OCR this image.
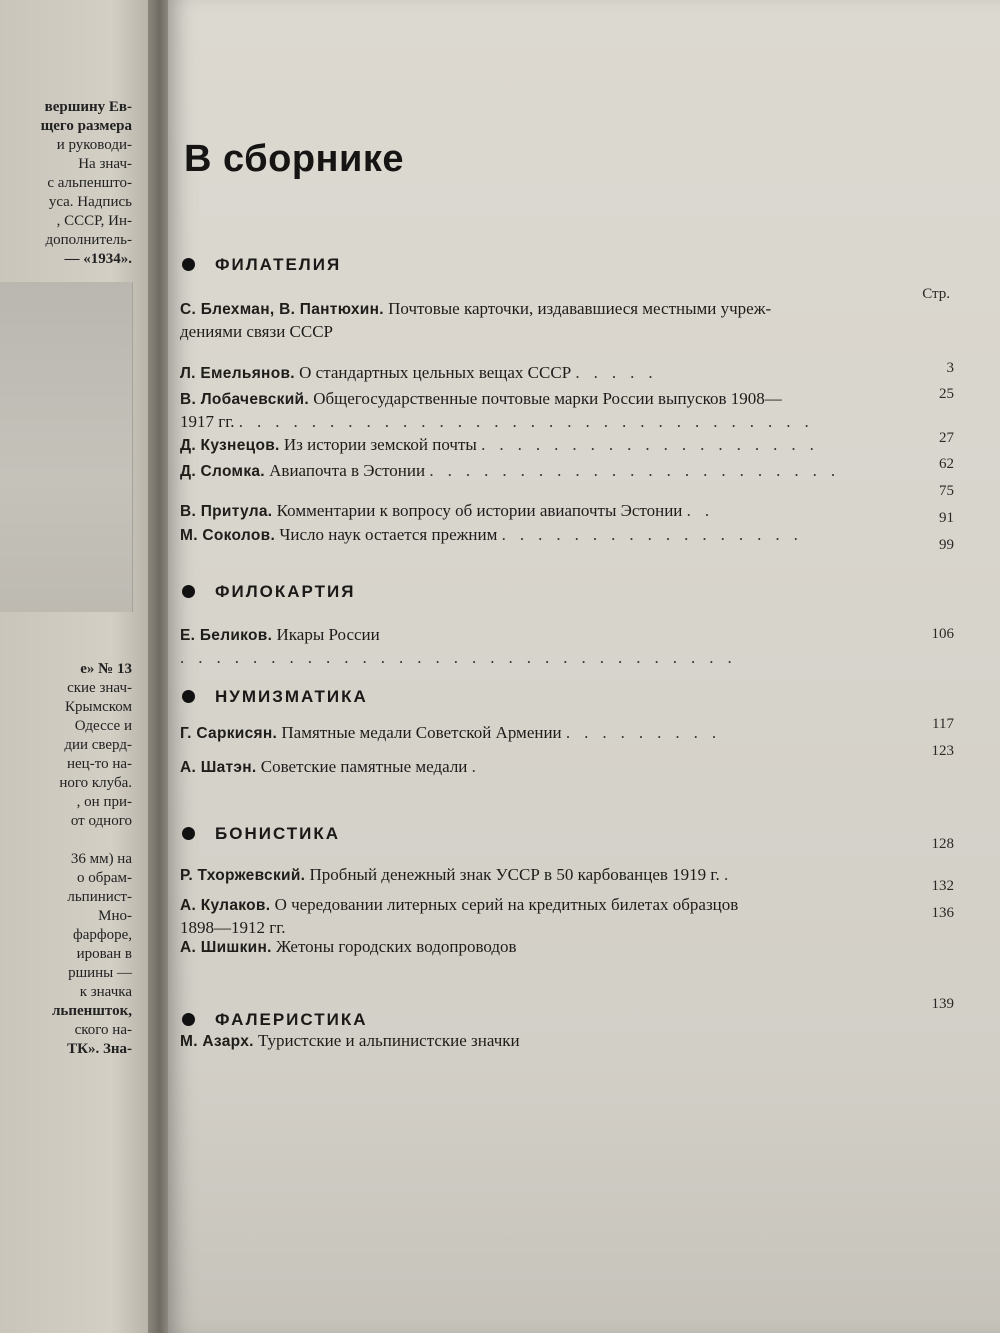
вершину Ев-
щего размера
и руководи-
На знач-
с альпеншто-
уса. Надпись
, СССР, Ин-
дополнитель-
— «1934».
е» № 13
ские знач-
Крымском
Одессе и
дии сверд-
нец-то на-
ного клуба.
, он при-
от одного

36 мм) на
о обрам-
льпинист-
Мно-
фарфоре,
ирован в
ршины —
к значка
льпеншток,
ского на-
ТК». Зна-
В сборнике
Стр.
ФИЛАТЕЛИЯ
С. Блехман, В. Пантюхин. Почтовые карточки, издававшиеся местными учреж-
дениями связи СССР
Л. Емельянов. О стандартных цельных вещах СССР .....
В. Лобачевский. Общегосударственные почтовые марки России выпусков 1908—
1917 гг. ................................
Д. Кузнецов. Из истории земской почты ...................
Д. Сломка. Авиапочта в Эстонии .......................
В. Притула. Комментарии к вопросу об истории авиапочты Эстонии ..
М. Соколов. Число наук остается прежним .................
3
25
27
62
75
91
99
ФИЛОКАРТИЯ
Е. Беликов. Икары России ...............................
106
НУМИЗМАТИКА
Г. Саркисян. Памятные медали Советской Армении .........
А. Шатэн. Советские памятные медали .
117
123
БОНИСТИКА
Р. Тхоржевский. Пробный денежный знак УССР в 50 карбованцев 1919 г. .
А. Кулаков. О чередовании литерных серий на кредитных билетах образцов
1898—1912 гг.
А. Шишкин. Жетоны городских водопроводов
128
132
136
ФАЛЕРИСТИКА
М. Азарх. Туристские и альпинистские значки
139
